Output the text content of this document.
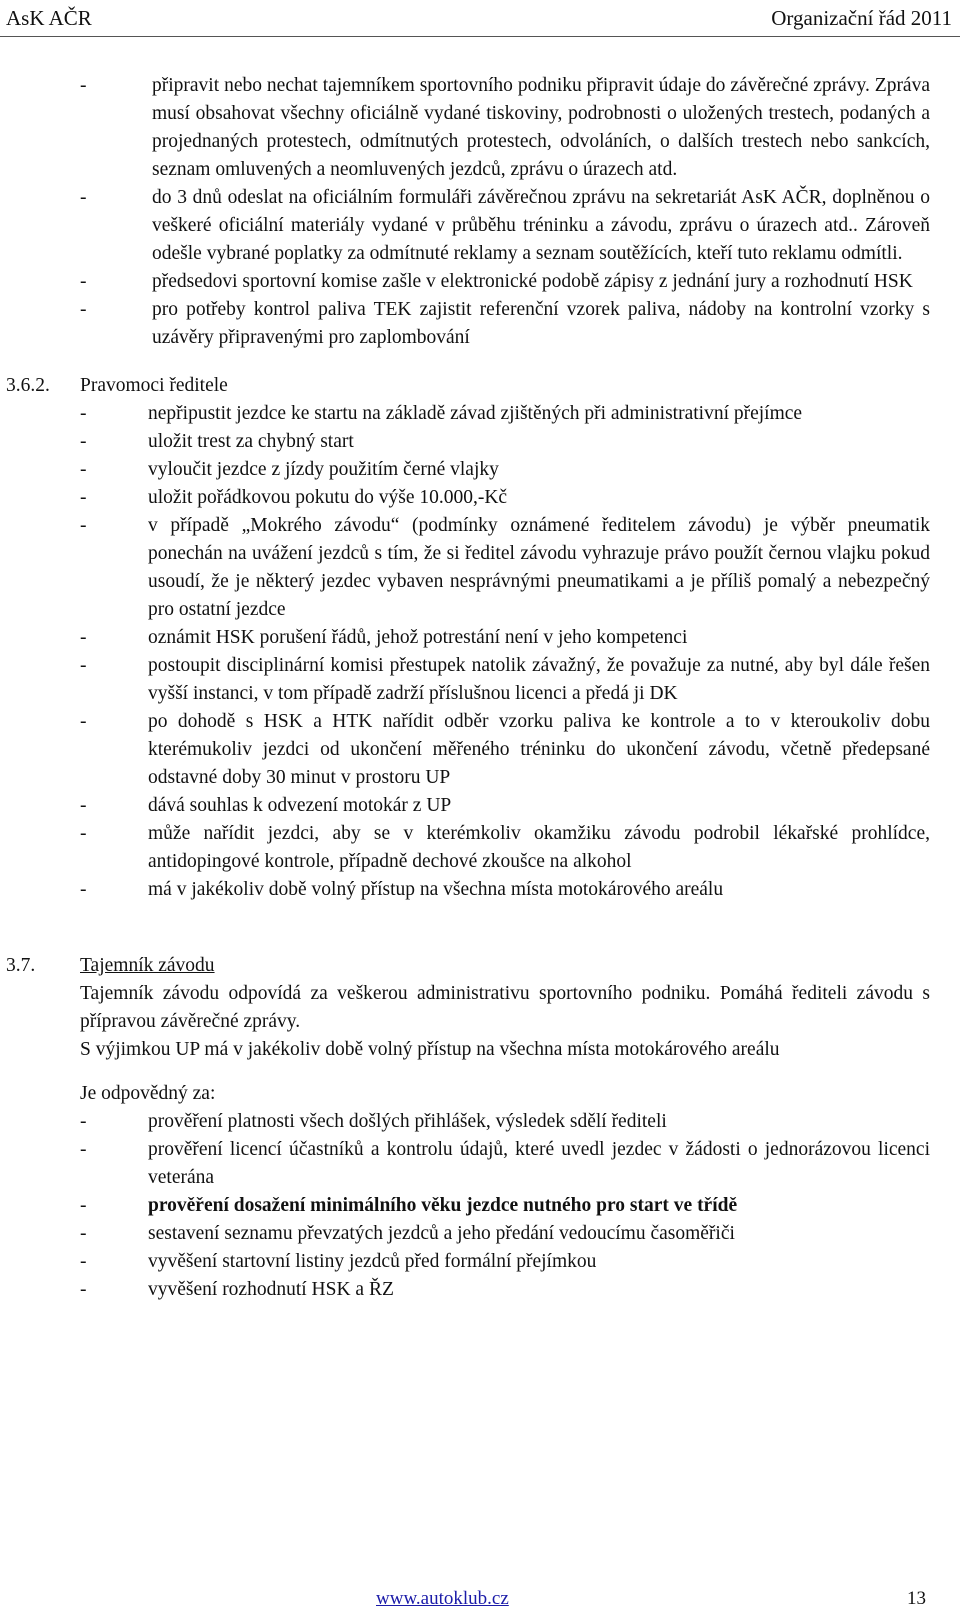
AsK AČR	Organizační řád 2011
-	připravit nebo nechat tajemníkem sportovního podniku připravit údaje do závěrečné zprávy. Zpráva musí obsahovat všechny oficiálně vydané tiskoviny, podrobnosti o uložených trestech, podaných a projednaných protestech, odmítnutých protestech, odvoláních, o dalších trestech nebo sankcích, seznam omluvených a neomluvených jezdců, zprávu o úrazech atd.
-	do 3 dnů odeslat na oficiálním formuláři závěrečnou zprávu na sekretariát AsK AČR, doplněnou o veškeré oficiální materiály vydané v průběhu tréninku a závodu, zprávu o úrazech atd.. Zároveň odešle vybrané poplatky za odmítnuté reklamy a seznam soutěžících, kteří tuto reklamu odmítli.
-	předsedovi sportovní komise zašle v elektronické podobě zápisy z jednání jury a rozhodnutí HSK
-	pro potřeby kontrol paliva TEK zajistit referenční vzorek paliva, nádoby na kontrolní vzorky s uzávěry připravenými pro zaplombování
3.6.2.	Pravomoci ředitele
-	nepřipustit jezdce ke startu na základě závad zjištěných při administrativní přejímce
-	uložit trest za chybný start
-	vyloučit jezdce z jízdy použitím černé vlajky
-	uložit pořádkovou pokutu do výše 10.000,-Kč
-	v případě „Mokrého závodu“ (podmínky oznámené ředitelem závodu) je výběr pneumatik ponechán na uvážení jezdců s tím, že si ředitel závodu vyhrazuje právo použít černou vlajku pokud usoudí, že je některý jezdec vybaven nesprávnými pneumatikami a je příliš pomalý a nebezpečný pro ostatní jezdce
-	oznámit HSK porušení řádů, jehož potrestání není v jeho kompetenci
-	postoupit disciplinární komisi přestupek natolik závažný, že považuje za nutné, aby byl dále řešen vyšší instanci, v tom případě zadrží příslušnou licenci a předá ji DK
-	po dohodě s HSK a HTK nařídit odběr vzorku paliva ke kontrole a to v kteroukoliv dobu kterémukoliv jezdci od ukončení měřeného tréninku do ukončení závodu, včetně předepsané odstavné doby 30 minut v prostoru UP
-	dává souhlas k odvezení motokár z UP
-	může nařídit jezdci, aby se v kterémkoliv okamžiku závodu podrobil lékařské prohlídce, antidopingové kontrole, případně dechové zkoušce na alkohol
-	má v jakékoliv době volný přístup na všechna místa motokárového areálu
3.7.	Tajemník závodu

Tajemník závodu odpovídá za veškerou administrativu sportovního podniku. Pomáhá řediteli závodu s přípravou závěrečné zprávy.

S výjimkou UP má v jakékoliv době volný přístup na všechna místa motokárového areálu

Je odpovědný za:

-	prověření platnosti všech došlých přihlášek, výsledek sdělí řediteli
-	prověření licencí účastníků a kontrolu údajů, které uvedl jezdec v žádosti o jednorázovou licenci veterána
-	prověření dosažení minimálního věku jezdce nutného pro start ve třídě
-	sestavení seznamu převzatých jezdců a jeho předání vedoucímu časoměřiči
-	vyvěšení startovní listiny jezdců před formální přejímkou
-	vyvěšení rozhodnutí HSK a ŘZ
www.autoklub.cz	13
